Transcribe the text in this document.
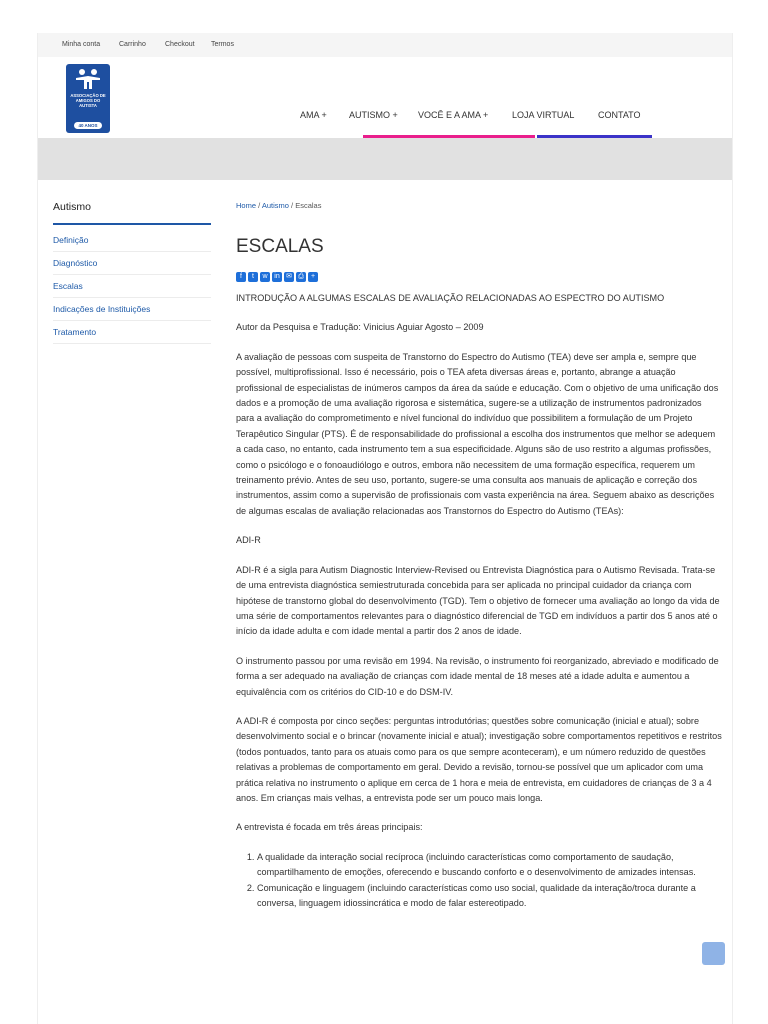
Minha conta	Carrinho	Checkout Termos
ASSOCIAÇÃO DE AMIGOS DO AUTISTA
40 ANOS
AMA + AUTISMO + VOCÊ E A AMA +	LOJA VIRTUAL	CONTATO
Autismo
Definição
Diagnóstico
Escalas
Indicações de Instituições
Tratamento
Home / Autismo / Escalas
ESCALAS
f t w in ✉ ⎙ +

INTRODUÇÃO A ALGUMAS ESCALAS DE AVALIAÇÃO RELACIONADAS AO ESPECTRO DO AUTISMO

Autor da Pesquisa e Tradução: Vinicius Aguiar Agosto – 2009

A avaliação de pessoas com suspeita de Transtorno do Espectro do Autismo (TEA) deve ser ampla e, sempre que possível, multiprofissional. Isso é necessário, pois o TEA afeta diversas áreas e, portanto, abrange a atuação profissional de especialistas de inúmeros campos da área da saúde e educação. Com o objetivo de uma unificação dos dados e a promoção de uma avaliação rigorosa e sistemática, sugere-se a utilização de instrumentos padronizados para a avaliação do comprometimento e nível funcional do indivíduo que possibilitem a formulação de um Projeto Terapêutico Singular (PTS). É de responsabilidade do profissional a escolha dos instrumentos que melhor se adequem a cada caso, no entanto, cada instrumento tem a sua especificidade. Alguns são de uso restrito a algumas profissões, como o psicólogo e o fonoaudiólogo e outros, embora não necessitem de uma formação específica, requerem um treinamento prévio. Antes de seu uso, portanto, sugere-se uma consulta aos manuais de aplicação e correção dos instrumentos, assim como a supervisão de profissionais com vasta experiência na área. Seguem abaixo as descrições de algumas escalas de avaliação relacionadas aos Transtornos do Espectro do Autismo (TEAs):

ADI-R

ADI-R é a sigla para Autism Diagnostic Interview-Revised ou Entrevista Diagnóstica para o Autismo Revisada. Trata-se de uma entrevista diagnóstica semiestruturada concebida para ser aplicada no principal cuidador da criança com hipótese de transtorno global do desenvolvimento (TGD). Tem o objetivo de fornecer uma avaliação ao longo da vida de uma série de comportamentos relevantes para o diagnóstico diferencial de TGD em indivíduos a partir dos 5 anos até o início da idade adulta e com idade mental a partir dos 2 anos de idade.

O instrumento passou por uma revisão em 1994. Na revisão, o instrumento foi reorganizado, abreviado e modificado de forma a ser adequado na avaliação de crianças com idade mental de 18 meses até a idade adulta e aumentou a equivalência com os critérios do CID-10 e do DSM-IV.

A ADI-R é composta por cinco seções: perguntas introdutórias; questões sobre comunicação (inicial e atual); sobre desenvolvimento social e o brincar (novamente inicial e atual); investigação sobre comportamentos repetitivos e restritos (todos pontuados, tanto para os atuais como para os que sempre aconteceram), e um número reduzido de questões relativas a problemas de comportamento em geral. Devido a revisão, tornou-se possível que um aplicador com uma prática relativa no instrumento o aplique em cerca de 1 hora e meia de entrevista, em cuidadores de crianças de 3 a 4 anos. Em crianças mais velhas, a entrevista pode ser um pouco mais longa.

A entrevista é focada em três áreas principais:

1. A qualidade da interação social recíproca (incluindo características como comportamento de saudação, compartilhamento de emoções, oferecendo e buscando conforto e o desenvolvimento de amizades intensas.
2. Comunicação e linguagem (incluindo características como uso social, qualidade da interação/troca durante a conversa, linguagem idiossincrática e modo de falar estereotipado.
